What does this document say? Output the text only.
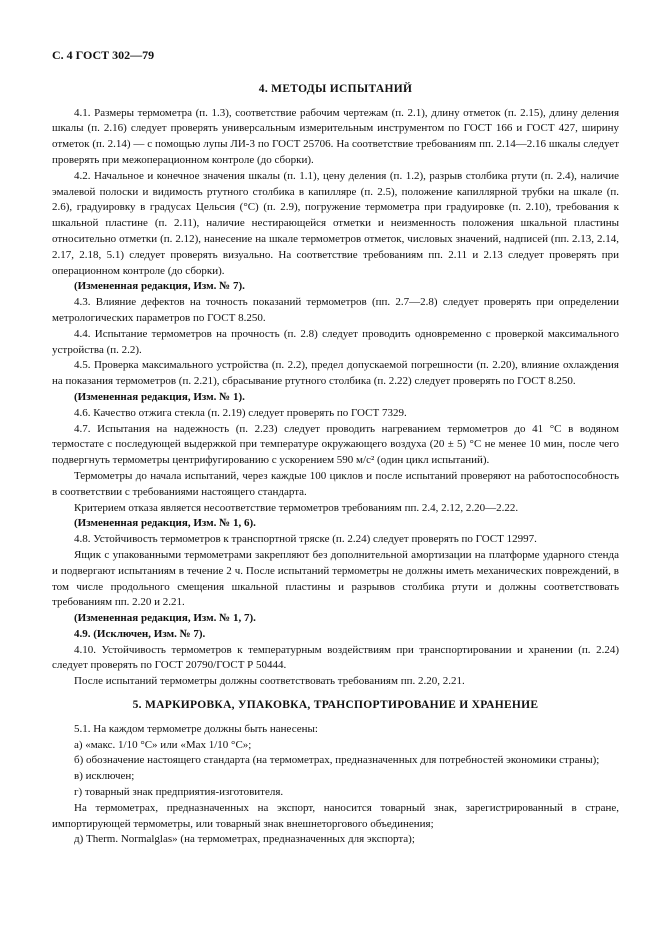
С. 4 ГОСТ 302—79
4. МЕТОДЫ ИСПЫТАНИЙ

4.1. Размеры термометра (п. 1.3), соответствие рабочим чертежам (п. 2.1), длину отметок (п. 2.15), длину деления шкалы (п. 2.16) следует проверять универсальным измерительным инструментом по ГОСТ 166 и ГОСТ 427, ширину отметок (п. 2.14) — с помощью лупы ЛИ-3 по ГОСТ 25706. На соответствие требованиям пп. 2.14—2.16 шкалы следует проверять при межоперационном контроле (до сборки).

4.2. Начальное и конечное значения шкалы (п. 1.1), цену деления (п. 1.2), разрыв столбика ртути (п. 2.4), наличие эмалевой полоски и видимость ртутного столбика в капилляре (п. 2.5), положение капиллярной трубки на шкале (п. 2.6), градуировку в градусах Цельсия (°С) (п. 2.9), погружение термометра при градуировке (п. 2.10), требования к шкальной пластине (п. 2.11), наличие нестирающейся отметки и неизменность положения шкальной пластины относительно отметки (п. 2.12), нанесение на шкале термометров отметок, числовых значений, надписей (пп. 2.13, 2.14, 2.17, 2.18, 5.1) следует проверять визуально. На соответствие требованиям пп. 2.11 и 2.13 следует проверять при операционном контроле (до сборки).

(Измененная редакция, Изм. № 7).

4.3. Влияние дефектов на точность показаний термометров (пп. 2.7—2.8) следует проверять при определении метрологических параметров по ГОСТ 8.250.

4.4. Испытание термометров на прочность (п. 2.8) следует проводить одновременно с проверкой максимального устройства (п. 2.2).

4.5. Проверка максимального устройства (п. 2.2), предел допускаемой погрешности (п. 2.20), влияние охлаждения на показания термометров (п. 2.21), сбрасывание ртутного столбика (п. 2.22) следует проверять по ГОСТ 8.250.

(Измененная редакция, Изм. № 1).

4.6. Качество отжига стекла (п. 2.19) следует проверять по ГОСТ 7329.

4.7. Испытания на надежность (п. 2.23) следует проводить нагреванием термометров до 41 °С в водяном термостате с последующей выдержкой при температуре окружающего воздуха (20 ± 5) °С не менее 10 мин, после чего подвергнуть термометры центрифугированию с ускорением 590 м/с² (один цикл испытаний).

Термометры до начала испытаний, через каждые 100 циклов и после испытаний проверяют на работоспособность в соответствии с требованиями настоящего стандарта.

Критерием отказа является несоответствие термометров требованиям пп. 2.4, 2.12, 2.20—2.22.

(Измененная редакция, Изм. № 1, 6).

4.8. Устойчивость термометров к транспортной тряске (п. 2.24) следует проверять по ГОСТ 12997.

Ящик с упакованными термометрами закрепляют без дополнительной амортизации на платформе ударного стенда и подвергают испытаниям в течение 2 ч. После испытаний термометры не должны иметь механических повреждений, в том числе продольного смещения шкальной пластины и разрывов столбика ртути и должны соответствовать требованиям пп. 2.20 и 2.21.

(Измененная редакция, Изм. № 1, 7).

4.9. (Исключен, Изм. № 7).

4.10. Устойчивость термометров к температурным воздействиям при транспортировании и хранении (п. 2.24) следует проверять по ГОСТ 20790/ГОСТ Р 50444.

После испытаний термометры должны соответствовать требованиям пп. 2.20, 2.21.

5. МАРКИРОВКА, УПАКОВКА, ТРАНСПОРТИРОВАНИЕ И ХРАНЕНИЕ

5.1. На каждом термометре должны быть нанесены:

а) «макс. 1/10 °С» или «Max 1/10 °С»;

б) обозначение настоящего стандарта (на термометрах, предназначенных для потребностей экономики страны);

в) исключен;

г) товарный знак предприятия-изготовителя.

На термометрах, предназначенных на экспорт, наносится товарный знак, зарегистрированный в стране, импортирующей термометры, или товарный знак внешнеторгового объединения;

д) Therm. Normalglas» (на термометрах, предназначенных для экспорта);
